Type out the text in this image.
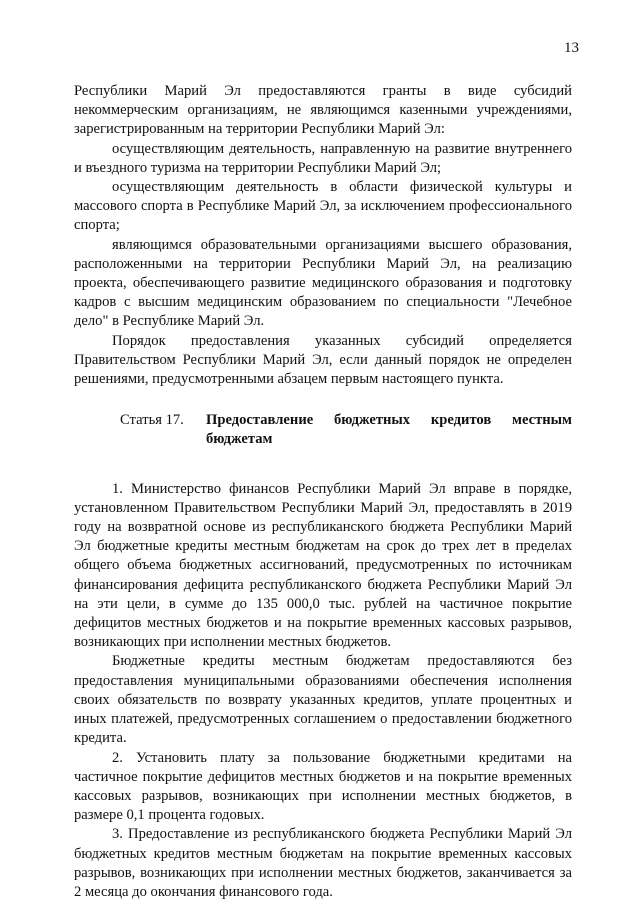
13

Республики Марий Эл предоставляются гранты в виде субсидий некоммерческим организациям, не являющимся казенными учреждениями, зарегистрированным на территории Республики Марий Эл:

осуществляющим деятельность, направленную на развитие внутреннего и въездного туризма на территории Республики Марий Эл;

осуществляющим деятельность в области физической культуры и массового спорта в Республике Марий Эл, за исключением профессионального спорта;

являющимся образовательными организациями высшего образования, расположенными на территории Республики Марий Эл, на реализацию проекта, обеспечивающего развитие медицинского образования и подготовку кадров с высшим медицинским образованием по специальности "Лечебное дело" в Республике Марий Эл.

Порядок предоставления указанных субсидий определяется Правительством Республики Марий Эл, если данный порядок не определен решениями, предусмотренными абзацем первым настоящего пункта.

Статья 17.	Предоставление бюджетных кредитов местным бюджетам

1. Министерство финансов Республики Марий Эл вправе в порядке, установленном Правительством Республики Марий Эл, предоставлять в 2019 году на возвратной основе из республиканского бюджета Республики Марий Эл бюджетные кредиты местным бюджетам на срок до трех лет в пределах общего объема бюджетных ассигнований, предусмотренных по источникам финансирования дефицита республиканского бюджета Республики Марий Эл на эти цели, в сумме до 135 000,0 тыс. рублей на частичное покрытие дефицитов местных бюджетов и на покрытие временных кассовых разрывов, возникающих при исполнении местных бюджетов.

Бюджетные кредиты местным бюджетам предоставляются без предоставления муниципальными образованиями обеспечения исполнения своих обязательств по возврату указанных кредитов, уплате процентных и иных платежей, предусмотренных соглашением о предоставлении бюджетного кредита.

2. Установить плату за пользование бюджетными кредитами на частичное покрытие дефицитов местных бюджетов и на покрытие временных кассовых разрывов, возникающих при исполнении местных бюджетов, в размере 0,1 процента годовых.

3. Предоставление из республиканского бюджета Республики Марий Эл бюджетных кредитов местным бюджетам на покрытие временных кассовых разрывов, возникающих при исполнении местных бюджетов, заканчивается за 2 месяца до окончания финансового года.
